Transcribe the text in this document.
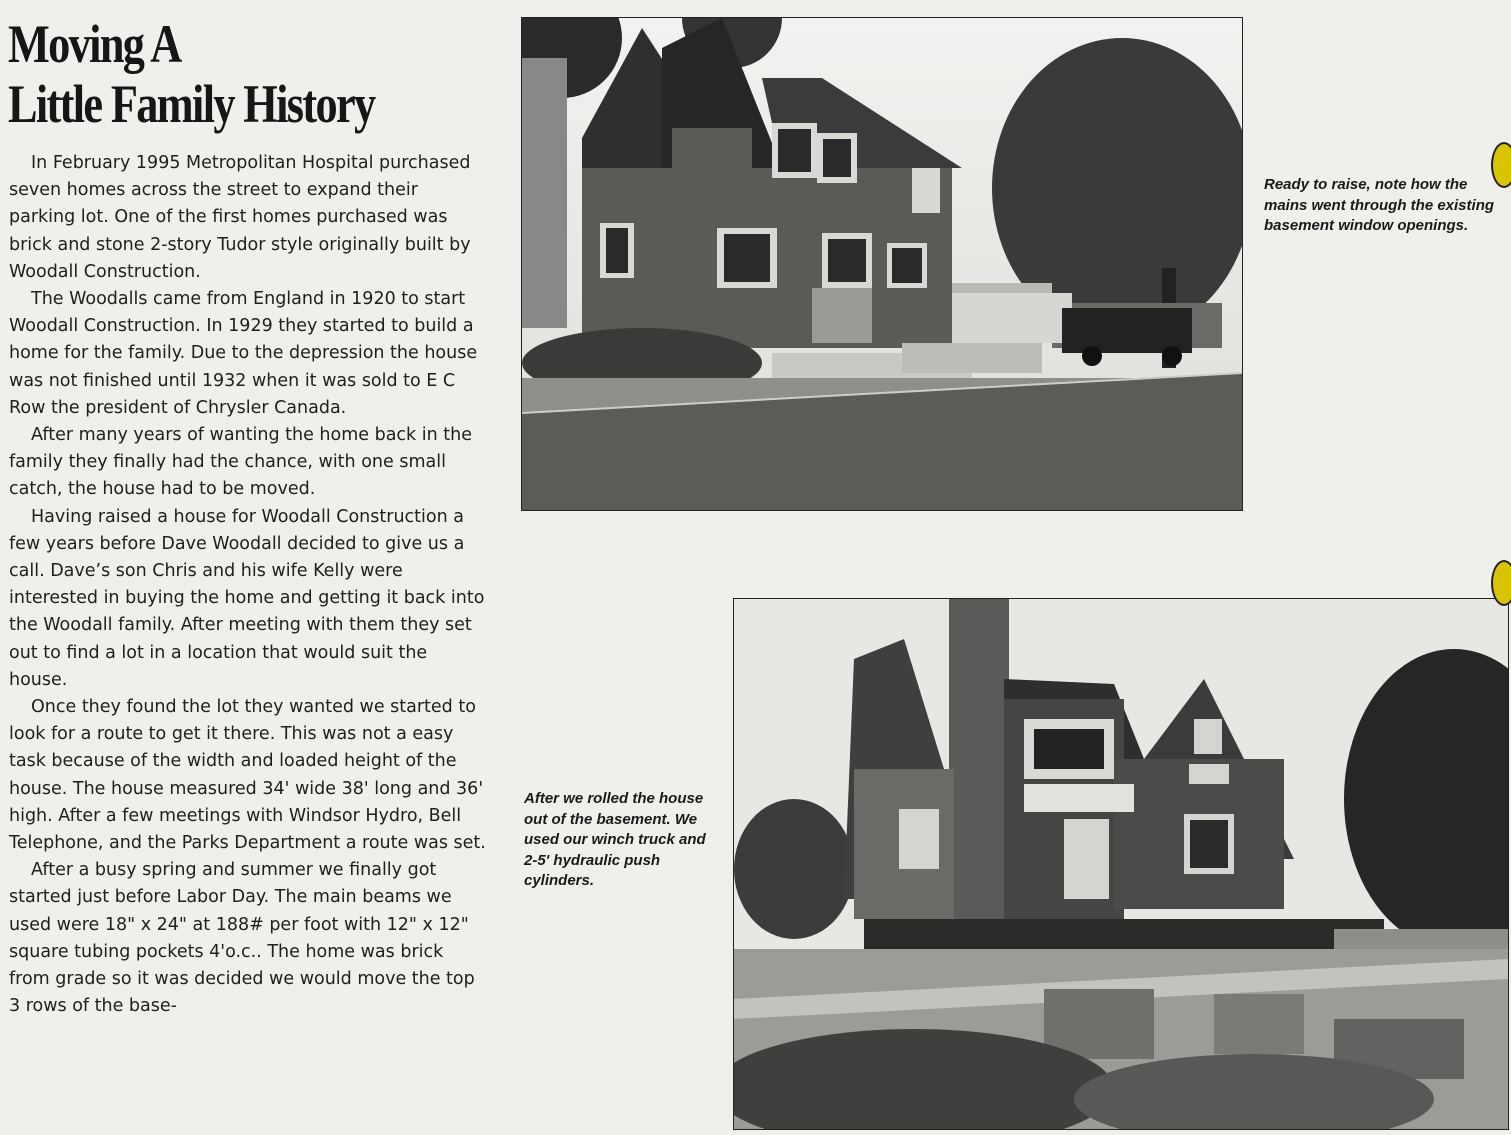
Moving A
Little Family History

In February 1995 Metropolitan Hospital purchased seven homes across the street to expand their parking lot. One of the first homes purchased was brick and stone 2-story Tudor style originally built by Woodall Construction.

The Woodalls came from England in 1920 to start Woodall Construction. In 1929 they started to build a home for the family. Due to the depression the house was not finished until 1932 when it was sold to E C Row the president of Chrysler Canada.

After many years of wanting the home back in the family they finally had the chance, with one small catch, the house had to be moved.

Having raised a house for Woodall Construction a few years before Dave Woodall decided to give us a call. Dave’s son Chris and his wife Kelly were interested in buying the home and getting it back into the Woodall family. After meeting with them they set out to find a lot in a location that would suit the house.

Once they found the lot they wanted we started to look for a route to get it there. This was not a easy task because of the width and loaded height of the house. The house measured 34' wide 38' long and 36' high. After a few meetings with Windsor Hydro, Bell Telephone, and the Parks Department a route was set.

After a busy spring and summer we finally got started just before Labor Day. The main beams we used were 18" x 24" at 188# per foot with 12" x 12" square tubing pockets 4'o.c.. The home was brick from grade so it was decided we would move the top 3 rows of the base-

Ready to raise, note how the mains went through the existing basement window openings.
After we rolled the house out of the basement. We used our winch truck and 2-5' hydraulic push cylinders.
